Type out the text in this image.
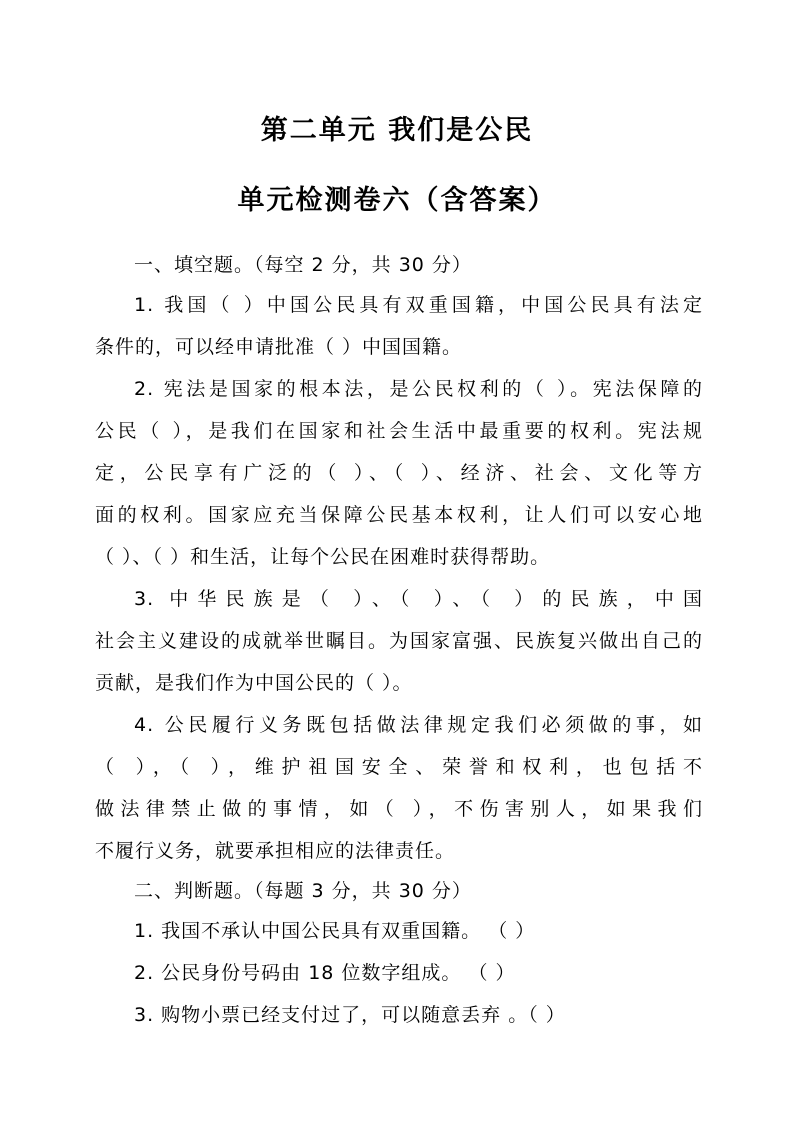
第二单元 我们是公民
单元检测卷六（含答案）
一、填空题。（每空 2 分，共 30 分）
1. 我国（ ）中国公民具有双重国籍，中国公民具有法定
条件的，可以经申请批准（ ）中国国籍。
2. 宪法是国家的根本法，是公民权利的（ ）。宪法保障的
公民（ ），是我们在国家和社会生活中最重要的权利。宪法规
定，公民享有广泛的（ ）、（ ）、经济、社会、文化等方
面的权利。国家应充当保障公民基本权利，让人们可以安心地
（ ）、（ ）和生活，让每个公民在困难时获得帮助。
3. 中华民族是（ ）、（ ）、（ ）的民族，中国
社会主义建设的成就举世瞩目。为国家富强、民族复兴做出自己的
贡献，是我们作为中国公民的（ ）。
4. 公民履行义务既包括做法律规定我们必须做的事，如
（ ），（ ），维护祖国安全、荣誉和权利，也包括不
做法律禁止做的事情，如（ ），不伤害别人，如果我们
不履行义务，就要承担相应的法律责任。
二、判断题。（每题 3 分，共 30 分）
1. 我国不承认中国公民具有双重国籍。 （ ）
2. 公民身份号码由 18 位数字组成。 （ ）
3. 购物小票已经支付过了，可以随意丢弃 。（ ）
